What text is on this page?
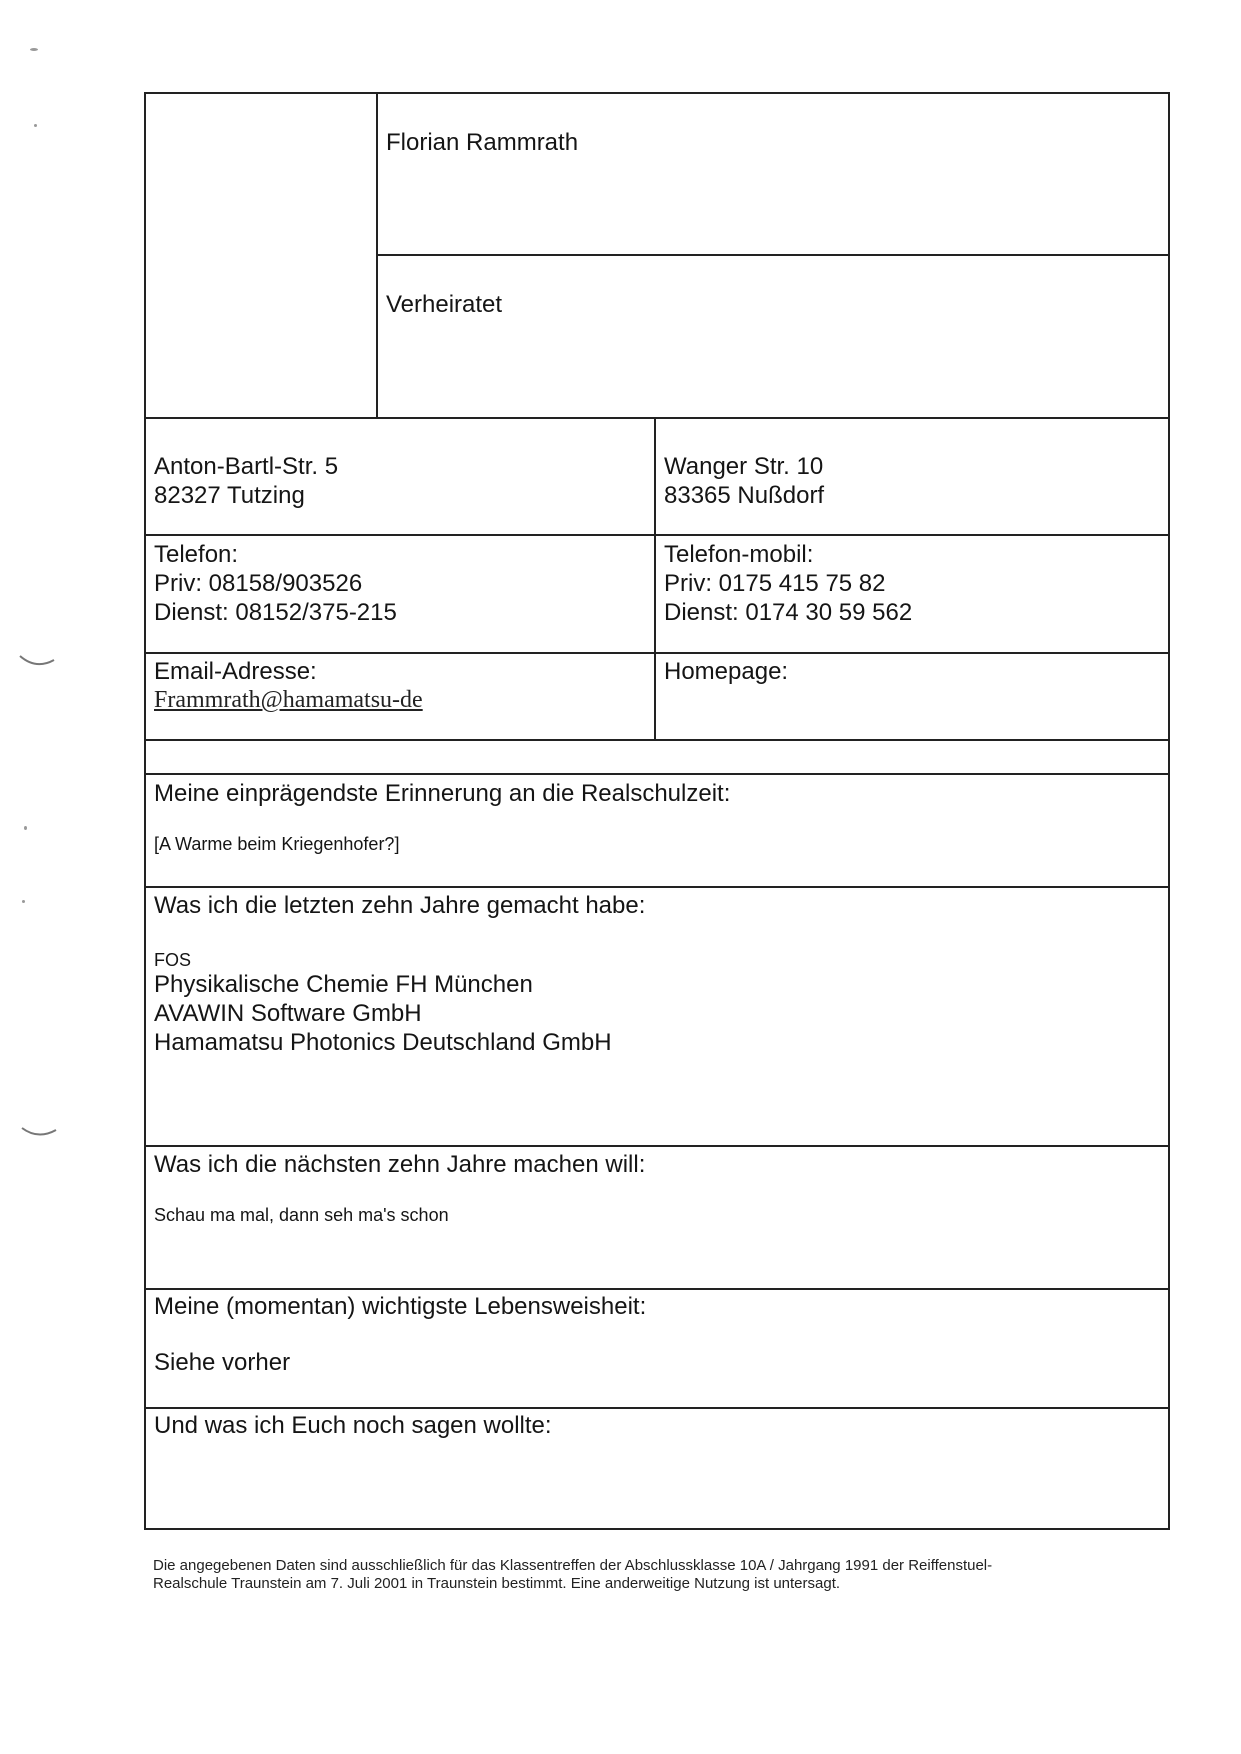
Florian Rammrath
Verheiratet
Anton-Bartl-Str. 5
82327 Tutzing
Wanger Str. 10
83365 Nußdorf
Telefon:
Priv: 08158/903526
Dienst: 08152/375-215
Telefon-mobil:
Priv: 0175 415 75 82
Dienst: 0174 30 59 562
Email-Adresse:
Frammrath@hamamatsu-de
Homepage:
Meine einprägendste Erinnerung an die Realschulzeit:
[A Warme beim Kriegenhofer?]
Was ich die letzten zehn Jahre gemacht habe:
FOS
Physikalische Chemie FH München
AVAWIN Software GmbH
Hamamatsu Photonics Deutschland GmbH
Was ich die nächsten zehn Jahre machen will:
Schau ma mal, dann seh ma's schon
Meine (momentan) wichtigste Lebensweisheit:
Siehe vorher
Und was ich Euch noch sagen wollte:
Die angegebenen Daten sind ausschließlich für das Klassentreffen der Abschlussklasse 10A / Jahrgang 1991 der Reiffenstuel-
Realschule Traunstein am 7. Juli 2001 in Traunstein bestimmt. Eine anderweitige Nutzung ist untersagt.
